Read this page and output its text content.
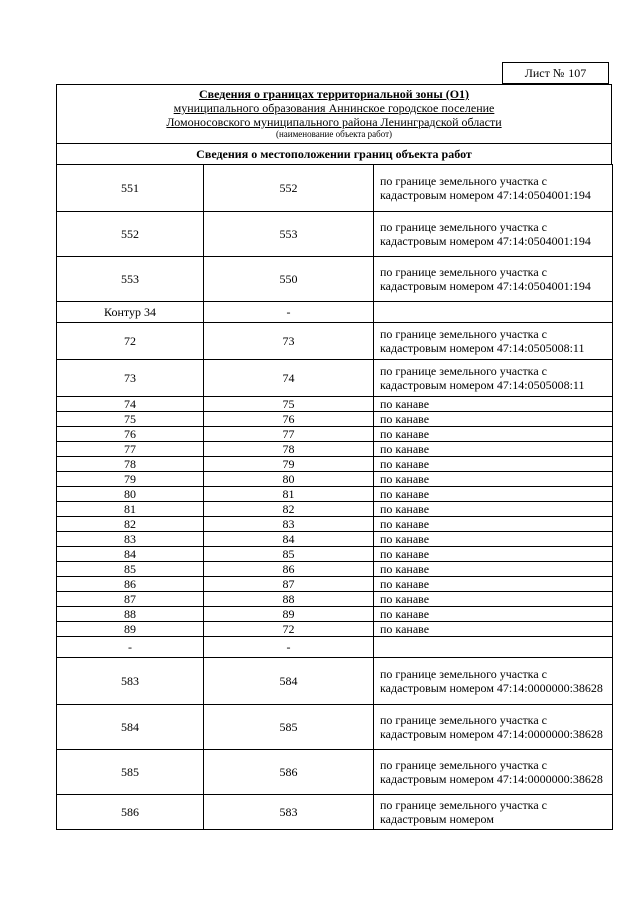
Лист № 107
Сведения о границах территориальной зоны (О1)
муниципального образования Аннинское городское поселение
Ломоносовского муниципального района Ленинградской области
(наименование объекта работ)
Сведения о местоположении границ объекта работ
551	552	по границе земельного участка с кадастровым номером 47:14:0504001:194
552	553	по границе земельного участка с кадастровым номером 47:14:0504001:194
553	550	по границе земельного участка с кадастровым номером 47:14:0504001:194
Контур 34	-	
72	73	по границе земельного участка с кадастровым номером 47:14:0505008:11
73	74	по границе земельного участка с кадастровым номером 47:14:0505008:11
74	75	по канаве
75	76	по канаве
76	77	по канаве
77	78	по канаве
78	79	по канаве
79	80	по канаве
80	81	по канаве
81	82	по канаве
82	83	по канаве
83	84	по канаве
84	85	по канаве
85	86	по канаве
86	87	по канаве
87	88	по канаве
88	89	по канаве
89	72	по канаве
-	-	
583	584	по границе земельного участка с кадастровым номером 47:14:0000000:38628
584	585	по границе земельного участка с кадастровым номером 47:14:0000000:38628
585	586	по границе земельного участка с кадастровым номером 47:14:0000000:38628
586	583	по границе земельного участка с кадастровым номером
